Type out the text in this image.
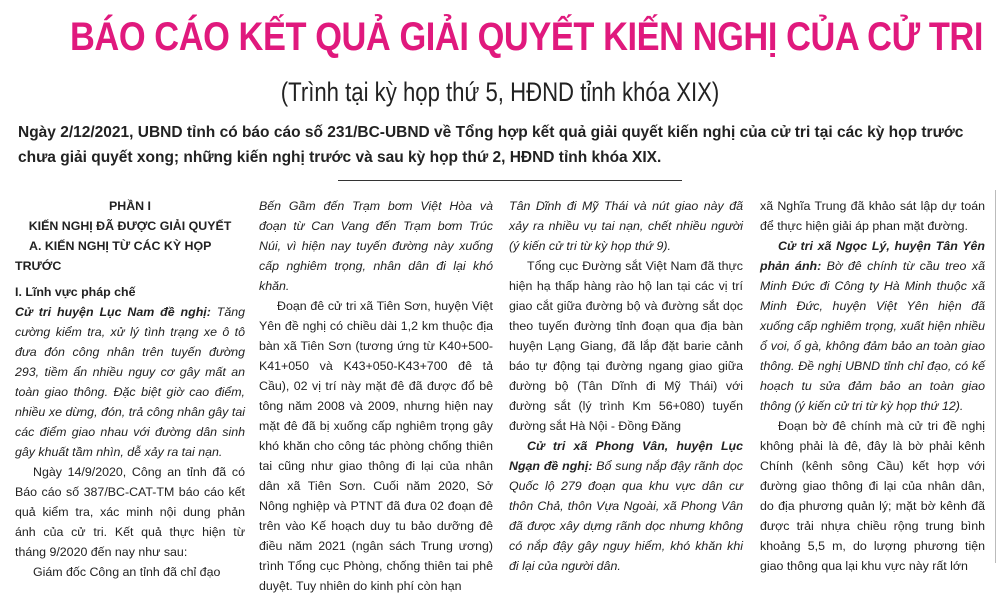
BÁO CÁO KẾT QUẢ GIẢI QUYẾT KIẾN NGHỊ CỦA CỬ TRI
(Trình tại kỳ họp thứ 5, HĐND tỉnh khóa XIX)

Ngày 2/12/2021, UBND tỉnh có báo cáo số 231/BC-UBND về Tổng hợp kết quả giải quyết kiến nghị của cử tri tại các kỳ họp trước chưa giải quyết xong; những kiến nghị trước và sau kỳ họp thứ 2, HĐND tỉnh khóa XIX.

PHẦN I

KIẾN NGHỊ ĐÃ ĐƯỢC GIẢI QUYẾT

A. KIẾN NGHỊ TỪ CÁC KỲ HỌP TRƯỚC

I. Lĩnh vực pháp chế

Cử tri huyện Lục Nam đề nghị: Tăng cường kiểm tra, xử lý tình trạng xe ô tô đưa đón công nhân trên tuyến đường 293, tiềm ẩn nhiều nguy cơ gây mất an toàn giao thông. Đặc biệt giờ cao điểm, nhiều xe dừng, đón, trả công nhân gây tai các điểm giao nhau với đường dân sinh gây khuất tầm nhìn, dễ xảy ra tai nạn.

Ngày 14/9/2020, Công an tỉnh đã có Báo cáo số 387/BC-CAT-TM báo cáo kết quả kiểm tra, xác minh nội dung phản ánh của cử tri. Kết quả thực hiện từ tháng 9/2020 đến nay như sau:

Giám đốc Công an tỉnh đã chỉ đạo

Bến Gầm đến Trạm bơm Việt Hòa và đoạn từ Can Vang đến Trạm bơm Trúc Núi, vì hiện nay tuyến đường này xuống cấp nghiêm trọng, nhân dân đi lại khó khăn.

Đoạn đê cử tri xã Tiên Sơn, huyện Việt Yên đề nghị có chiều dài 1,2 km thuộc địa bàn xã Tiên Sơn (tương ứng từ K40+500-K41+050 và K43+050-K43+700 đê tả Cầu), 02 vị trí này mặt đê đã được đổ bê tông năm 2008 và 2009, nhưng hiện nay mặt đê đã bị xuống cấp nghiêm trọng gây khó khăn cho công tác phòng chống thiên tai cũng như giao thông đi lại của nhân dân xã Tiên Sơn. Cuối năm 2020, Sở Nông nghiệp và PTNT đã đưa 02 đoạn đê trên vào Kế hoạch duy tu bảo dưỡng đê điều năm 2021 (ngân sách Trung ương) trình Tổng cục Phòng, chống thiên tai phê duyệt. Tuy nhiên do kinh phí còn hạn

Tân Dĩnh đi Mỹ Thái và nút giao này đã xảy ra nhiều vụ tai nạn, chết nhiều người (ý kiến cử tri từ kỳ họp thứ 9).

Tổng cục Đường sắt Việt Nam đã thực hiện hạ thấp hàng rào hộ lan tại các vị trí giao cắt giữa đường bộ và đường sắt dọc theo tuyến đường tỉnh đoạn qua địa bàn huyện Lạng Giang, đã lắp đặt barie cảnh báo tự động tại đường ngang giao giữa đường bộ (Tân Dĩnh đi Mỹ Thái) với đường sắt (lý trình Km 56+080) tuyến đường sắt Hà Nội - Đồng Đăng

Cử tri xã Phong Vân, huyện Lục Ngạn đề nghị: Bổ sung nắp đậy rãnh dọc Quốc lộ 279 đoạn qua khu vực dân cư thôn Chả, thôn Vựa Ngoài, xã Phong Vân đã được xây dựng rãnh dọc nhưng không có nắp đậy gây nguy hiểm, khó khăn khi đi lại của người dân.

xã Nghĩa Trung đã khảo sát lập dự toán để thực hiện giải áp phan mặt đường.

Cử tri xã Ngọc Lý, huyện Tân Yên phản ánh: Bờ đê chính từ cầu treo xã Minh Đức đi Công ty Hà Minh thuộc xã Minh Đức, huyện Việt Yên hiện đã xuống cấp nghiêm trọng, xuất hiện nhiều ổ voi, ổ gà, không đảm bảo an toàn giao thông. Đề nghị UBND tỉnh chỉ đạo, có kế hoạch tu sửa đảm bảo an toàn giao thông (ý kiến cử tri từ kỳ họp thứ 12).

Đoạn bờ đê chính mà cử tri đề nghị không phải là đê, đây là bờ phải kênh Chính (kênh sông Cầu) kết hợp với đường giao thông đi lại của nhân dân, do địa phương quản lý; mặt bờ kênh đã được trải nhựa chiều rộng trung bình khoảng 5,5 m, do lượng phương tiện giao thông qua lại khu vực này rất lớn
